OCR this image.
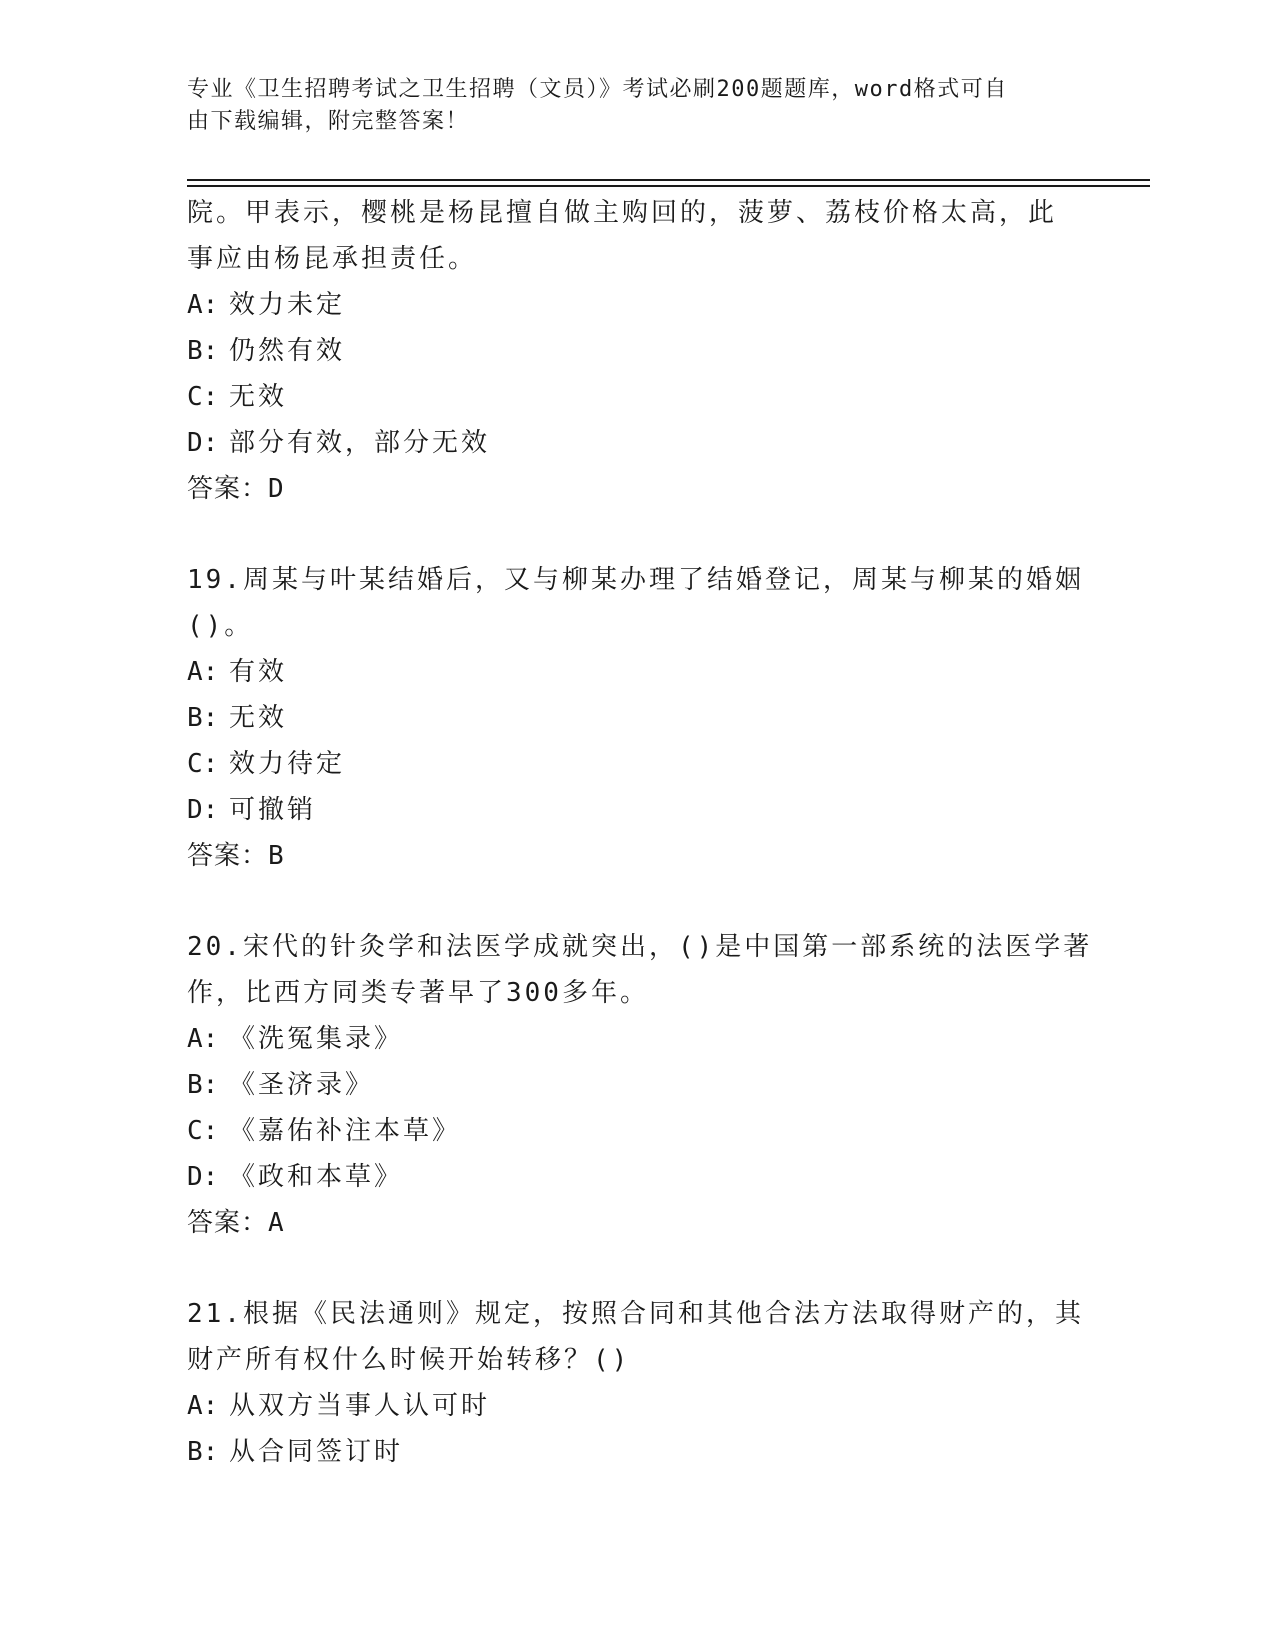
专业《卫生招聘考试之卫生招聘（文员）》考试必刷200题题库，word格式可自
由下载编辑，附完整答案！
院。甲表示，樱桃是杨昆擅自做主购回的，菠萝、荔枝价格太高，此
事应由杨昆承担责任。
A: 效力未定
B: 仍然有效
C: 无效
D: 部分有效，部分无效
答案：D
19.周某与叶某结婚后，又与柳某办理了结婚登记，周某与柳某的婚姻
()。
A: 有效
B: 无效
C: 效力待定
D: 可撤销
答案：B
20.宋代的针灸学和法医学成就突出，()是中国第一部系统的法医学著
作，比西方同类专著早了300多年。
A: 《洗冤集录》
B: 《圣济录》
C: 《嘉佑补注本草》
D: 《政和本草》
答案：A
21.根据《民法通则》规定，按照合同和其他合法方法取得财产的，其
财产所有权什么时候开始转移？()
A: 从双方当事人认可时
B: 从合同签订时
